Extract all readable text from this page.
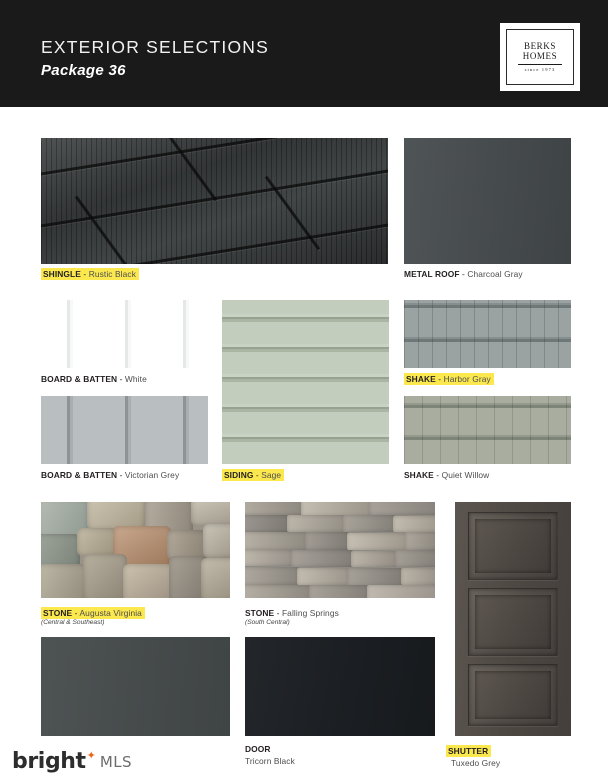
EXTERIOR SELECTIONS
Package 36
BERKS HOMES
since 1973
SHINGLE - Rustic Black	METAL ROOF - Charcoal Gray
BOARD & BATTEN - White
SIDING - Sage
SHAKE - Harbor Gray
BOARD & BATTEN - Victorian Grey	SHAKE - Quiet Willow
STONE - Augusta Virginia
(Central & Southeast)
STONE - Falling Springs
(South Central)
SHUTTER
Tuxedo Grey
DOOR
Tricorn Black
bright ✦ MLS
